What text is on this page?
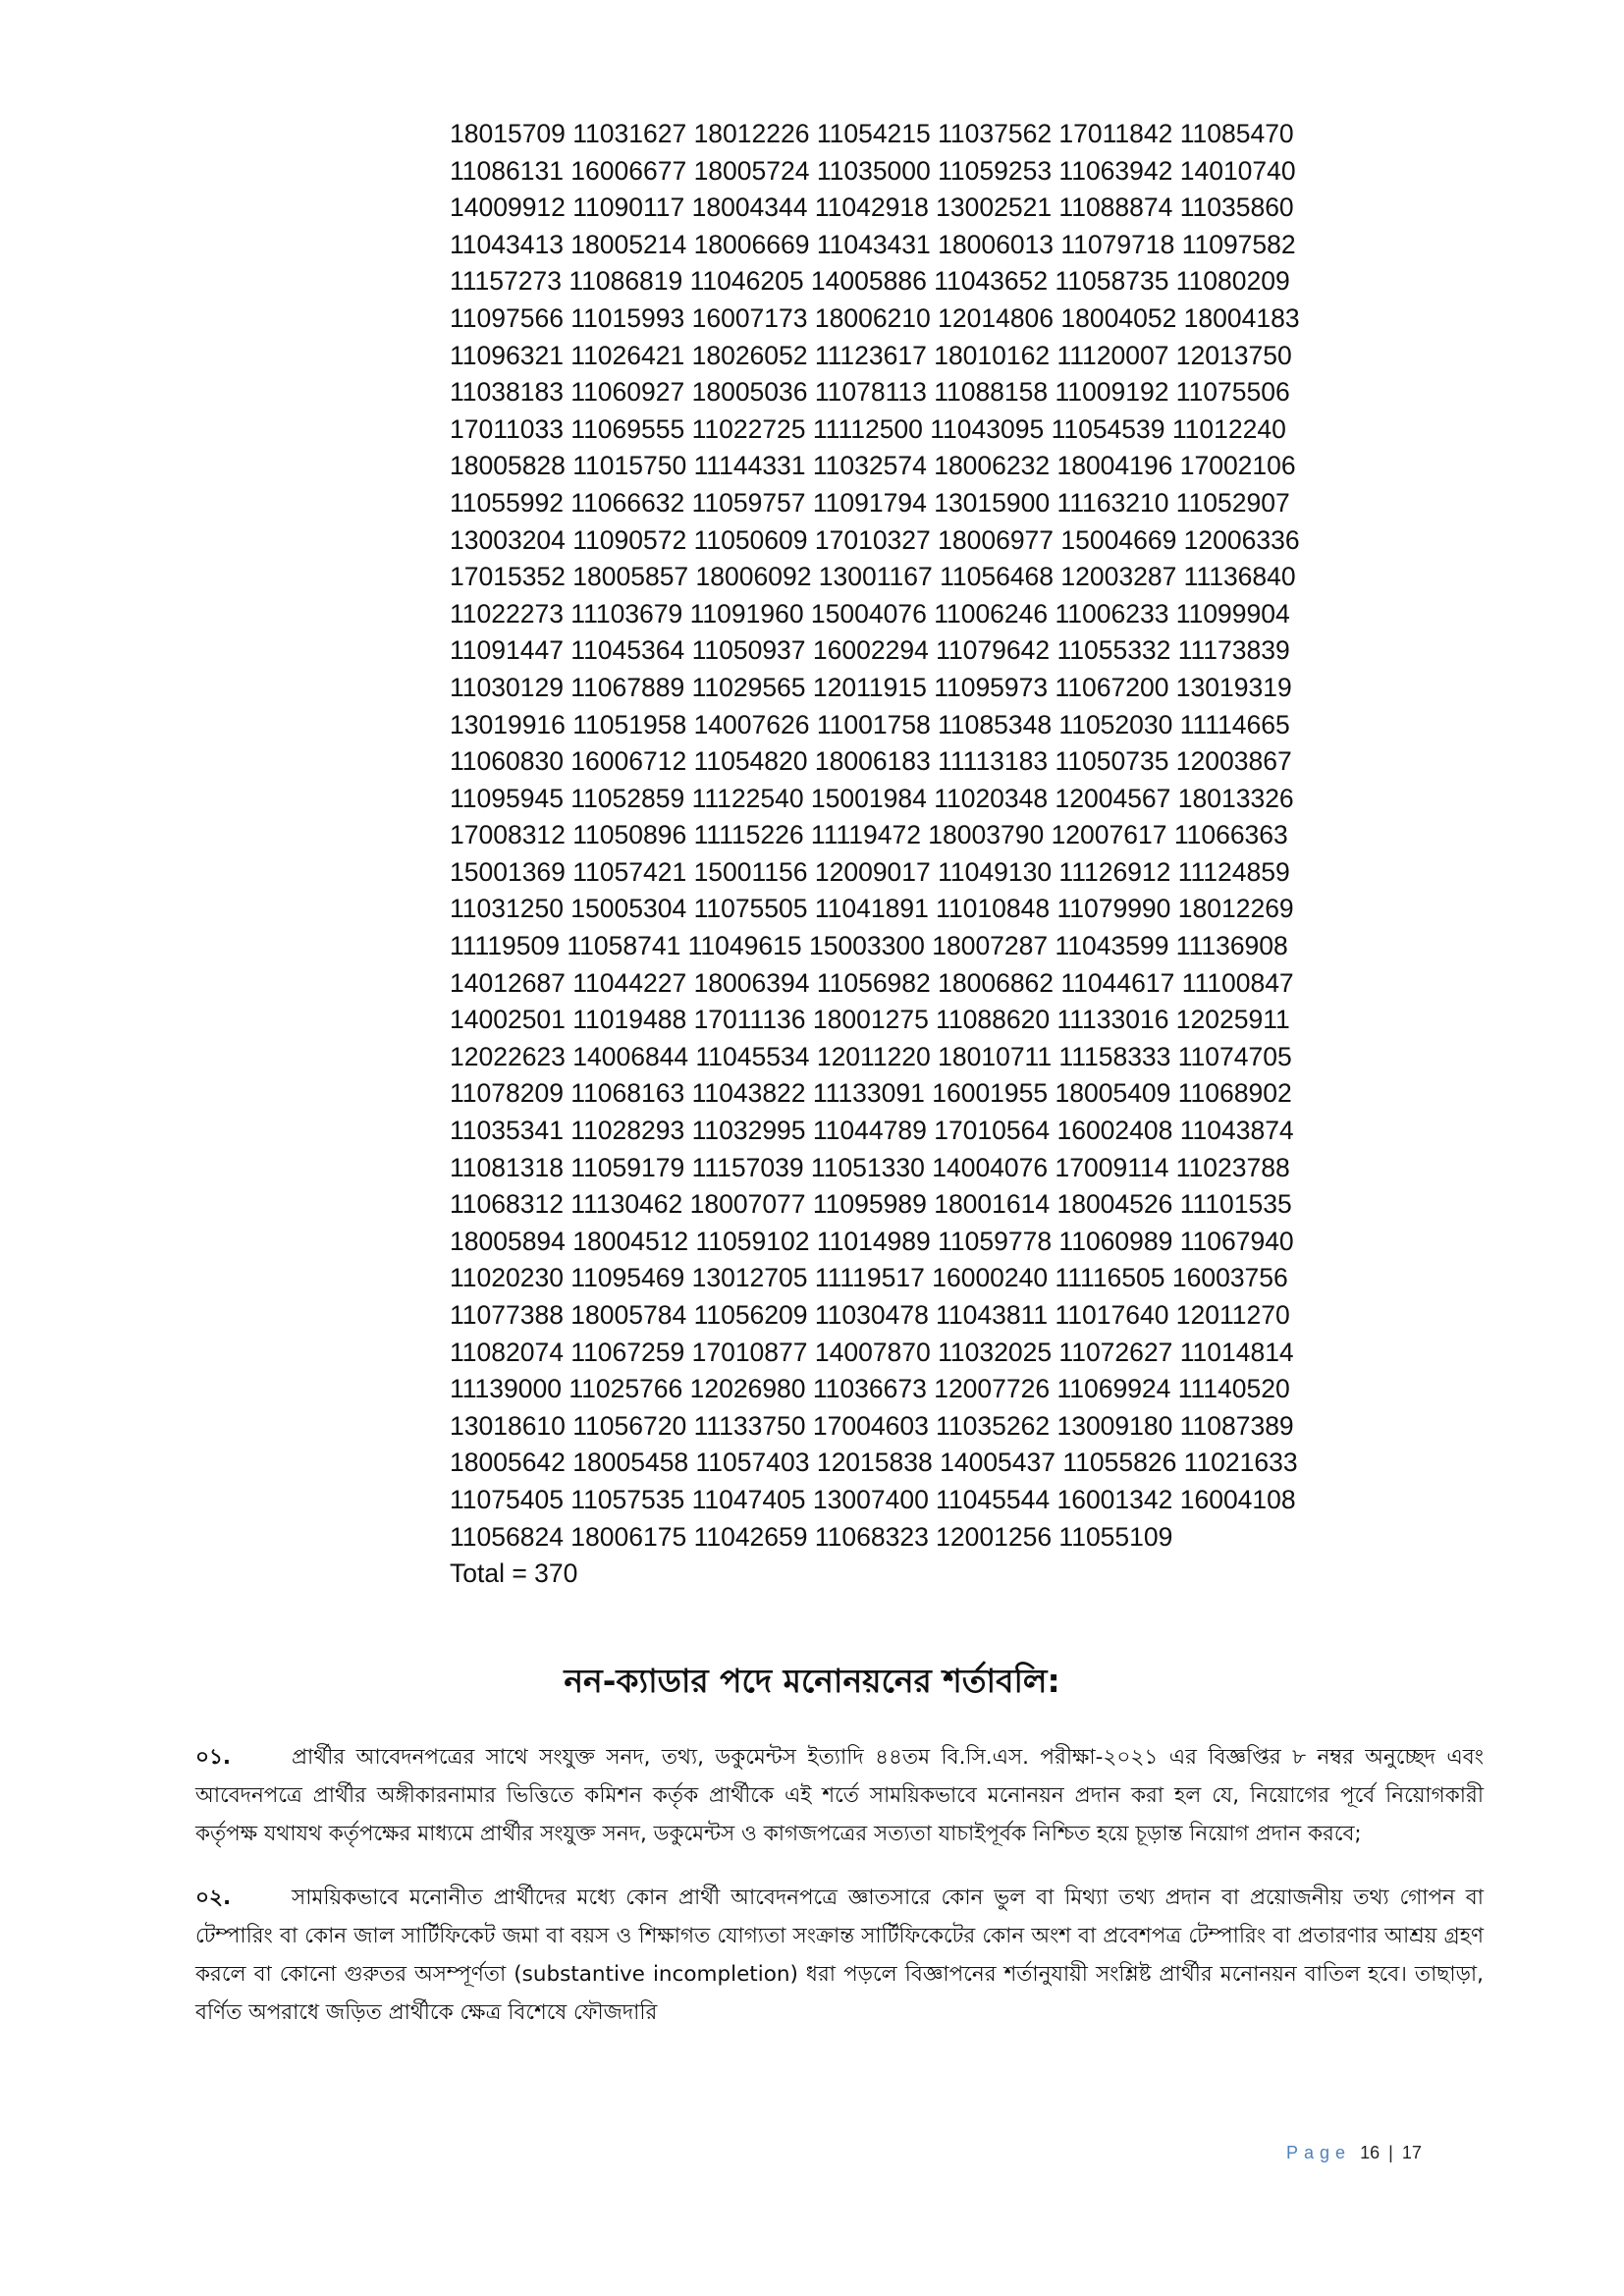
18015709 11031627 18012226 11054215 11037562 17011842 11085470
11086131 16006677 18005724 11035000 11059253 11063942 14010740
14009912 11090117 18004344 11042918 13002521 11088874 11035860
11043413 18005214 18006669 11043431 18006013 11079718 11097582
11157273 11086819 11046205 14005886 11043652 11058735 11080209
11097566 11015993 16007173 18006210 12014806 18004052 18004183
11096321 11026421 18026052 11123617 18010162 11120007 12013750
11038183 11060927 18005036 11078113 11088158 11009192 11075506
17011033 11069555 11022725 11112500 11043095 11054539 11012240
18005828 11015750 11144331 11032574 18006232 18004196 17002106
11055992 11066632 11059757 11091794 13015900 11163210 11052907
13003204 11090572 11050609 17010327 18006977 15004669 12006336
17015352 18005857 18006092 13001167 11056468 12003287 11136840
11022273 11103679 11091960 15004076 11006246 11006233 11099904
11091447 11045364 11050937 16002294 11079642 11055332 11173839
11030129 11067889 11029565 12011915 11095973 11067200 13019319
13019916 11051958 14007626 11001758 11085348 11052030 11114665
11060830 16006712 11054820 18006183 11113183 11050735 12003867
11095945 11052859 11122540 15001984 11020348 12004567 18013326
17008312 11050896 11115226 11119472 18003790 12007617 11066363
15001369 11057421 15001156 12009017 11049130 11126912 11124859
11031250 15005304 11075505 11041891 11010848 11079990 18012269
11119509 11058741 11049615 15003300 18007287 11043599 11136908
14012687 11044227 18006394 11056982 18006862 11044617 11100847
14002501 11019488 17011136 18001275 11088620 11133016 12025911
12022623 14006844 11045534 12011220 18010711 11158333 11074705
11078209 11068163 11043822 11133091 16001955 18005409 11068902
11035341 11028293 11032995 11044789 17010564 16002408 11043874
11081318 11059179 11157039 11051330 14004076 17009114 11023788
11068312 11130462 18007077 11095989 18001614 18004526 11101535
18005894 18004512 11059102 11014989 11059778 11060989 11067940
11020230 11095469 13012705 11119517 16000240 11116505 16003756
11077388 18005784 11056209 11030478 11043811 11017640 12011270
11082074 11067259 17010877 14007870 11032025 11072627 11014814
11139000 11025766 12026980 11036673 12007726 11069924 11140520
13018610 11056720 11133750 17004603 11035262 13009180 11087389
18005642 18005458 11057403 12015838 14005437 11055826 11021633
11075405 11057535 11047405 13007400 11045544 16001342 16004108
11056824 18006175 11042659 11068323 12001256 11055109
Total = 370
নন-ক্যাডার পদে মনোনয়নের শর্তাবলি:
০১.	প্রার্থীর আবেদনপত্রের সাথে সংযুক্ত সনদ, তথ্য, ডকুমেন্টস ইত্যাদি ৪৪তম বি.সি.এস. পরীক্ষা-২০২১ এর বিজ্ঞপ্তির ৮ নম্বর অনুচ্ছেদ এবং আবেদনপত্রে প্রার্থীর অঙ্গীকারনামার ভিত্তিতে কমিশন কর্তৃক প্রার্থীকে এই শর্তে সাময়িকভাবে মনোনয়ন প্রদান করা হল যে, নিয়োগের পূর্বে নিয়োগকারী কর্তৃপক্ষ যথাযথ কর্তৃপক্ষের মাধ্যমে প্রার্থীর সংযুক্ত সনদ, ডকুমেন্টস ও কাগজপত্রের সত্যতা যাচাইপূর্বক নিশ্চিত হয়ে চূড়ান্ত নিয়োগ প্রদান করবে;
০২.	সাময়িকভাবে মনোনীত প্রার্থীদের মধ্যে কোন প্রার্থী আবেদনপত্রে জ্ঞাতসারে কোন ভুল বা মিথ্যা তথ্য প্রদান বা প্রয়োজনীয় তথ্য গোপন বা টেম্পারিং বা কোন জাল সার্টিফিকেট জমা বা বয়স ও শিক্ষাগত যোগ্যতা সংক্রান্ত সার্টিফিকেটের কোন অংশ বা প্রবেশপত্র টেম্পারিং বা প্রতারণার আশ্রয় গ্রহণ করলে বা কোনো গুরুতর অসম্পূর্ণতা (substantive incompletion) ধরা পড়লে বিজ্ঞাপনের শর্তানুযায়ী সংশ্লিষ্ট প্রার্থীর মনোনয়ন বাতিল হবে। তাছাড়া, বর্ণিত অপরাধে জড়িত প্রার্থীকে ক্ষেত্র বিশেষে ফৌজদারি
Page 16 | 17
